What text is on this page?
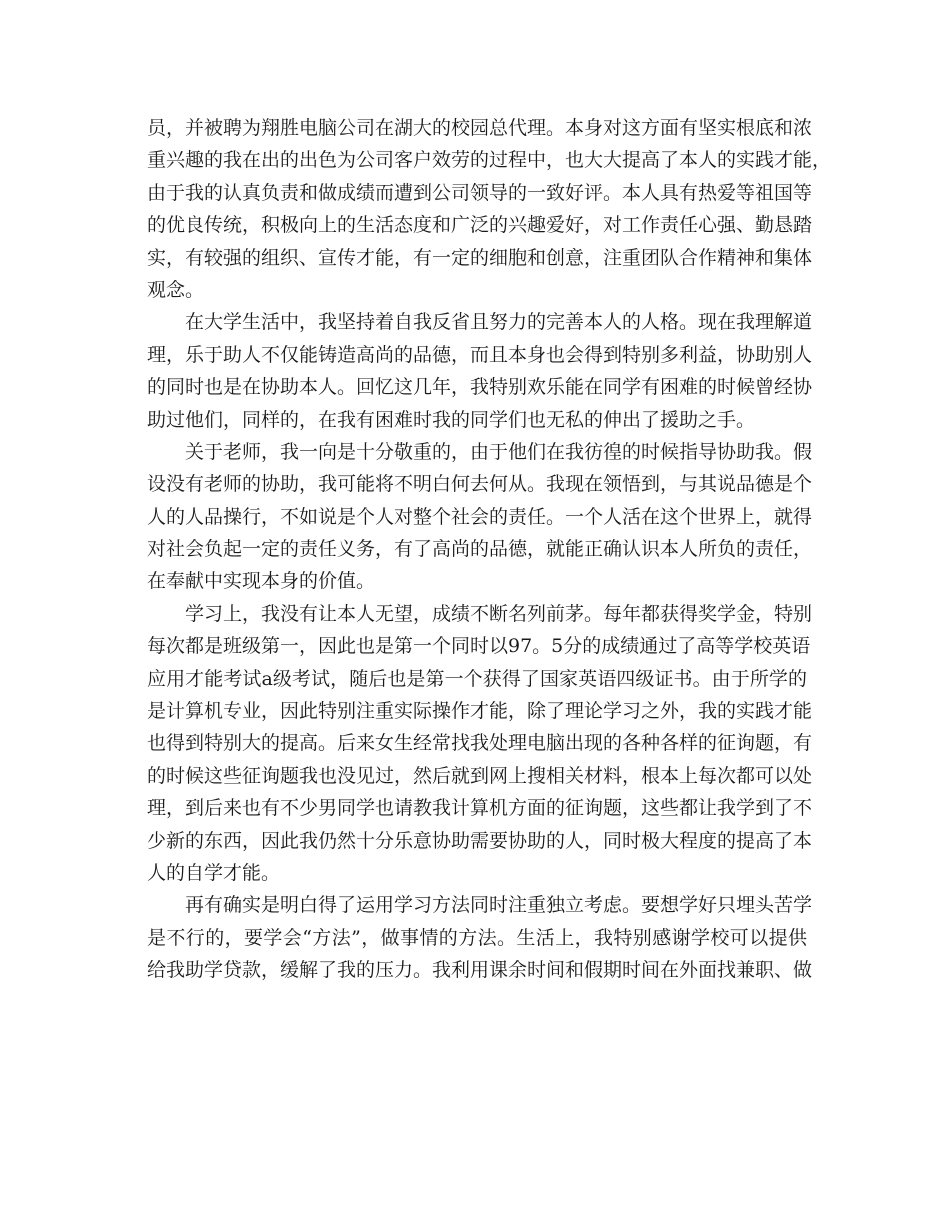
员，并被聘为翔胜电脑公司在湖大的校园总代理。本身对这方面有坚实根底和浓
重兴趣的我在出的出色为公司客户效劳的过程中，也大大提高了本人的实践才能，
由于我的认真负责和做成绩而遭到公司领导的一致好评。本人具有热爱等祖国等
的优良传统，积极向上的生活态度和广泛的兴趣爱好，对工作责任心强、勤恳踏
实，有较强的组织、宣传才能，有一定的细胞和创意，注重团队合作精神和集体
观念。
在大学生活中，我坚持着自我反省且努力的完善本人的人格。现在我理解道
理，乐于助人不仅能铸造高尚的品德，而且本身也会得到特别多利益，协助别人
的同时也是在协助本人。回忆这几年，我特别欢乐能在同学有困难的时候曾经协
助过他们，同样的，在我有困难时我的同学们也无私的伸出了援助之手。
关于老师，我一向是十分敬重的，由于他们在我彷徨的时候指导协助我。假
设没有老师的协助，我可能将不明白何去何从。我现在领悟到，与其说品德是个
人的人品操行，不如说是个人对整个社会的责任。一个人活在这个世界上，就得
对社会负起一定的责任义务，有了高尚的品德，就能正确认识本人所负的责任，
在奉献中实现本身的价值。
学习上，我没有让本人无望，成绩不断名列前茅。每年都获得奖学金，特别
每次都是班级第一，因此也是第一个同时以97。5分的成绩通过了高等学校英语
应用才能考试a级考试，随后也是第一个获得了国家英语四级证书。由于所学的
是计算机专业，因此特别注重实际操作才能，除了理论学习之外，我的实践才能
也得到特别大的提高。后来女生经常找我处理电脑出现的各种各样的征询题，有
的时候这些征询题我也没见过，然后就到网上搜相关材料，根本上每次都可以处
理，到后来也有不少男同学也请教我计算机方面的征询题，这些都让我学到了不
少新的东西，因此我仍然十分乐意协助需要协助的人，同时极大程度的提高了本
人的自学才能。
再有确实是明白得了运用学习方法同时注重独立考虑。要想学好只埋头苦学
是不行的，要学会“方法”，做事情的方法。生活上，我特别感谢学校可以提供
给我助学贷款，缓解了我的压力。我利用课余时间和假期时间在外面找兼职、做
